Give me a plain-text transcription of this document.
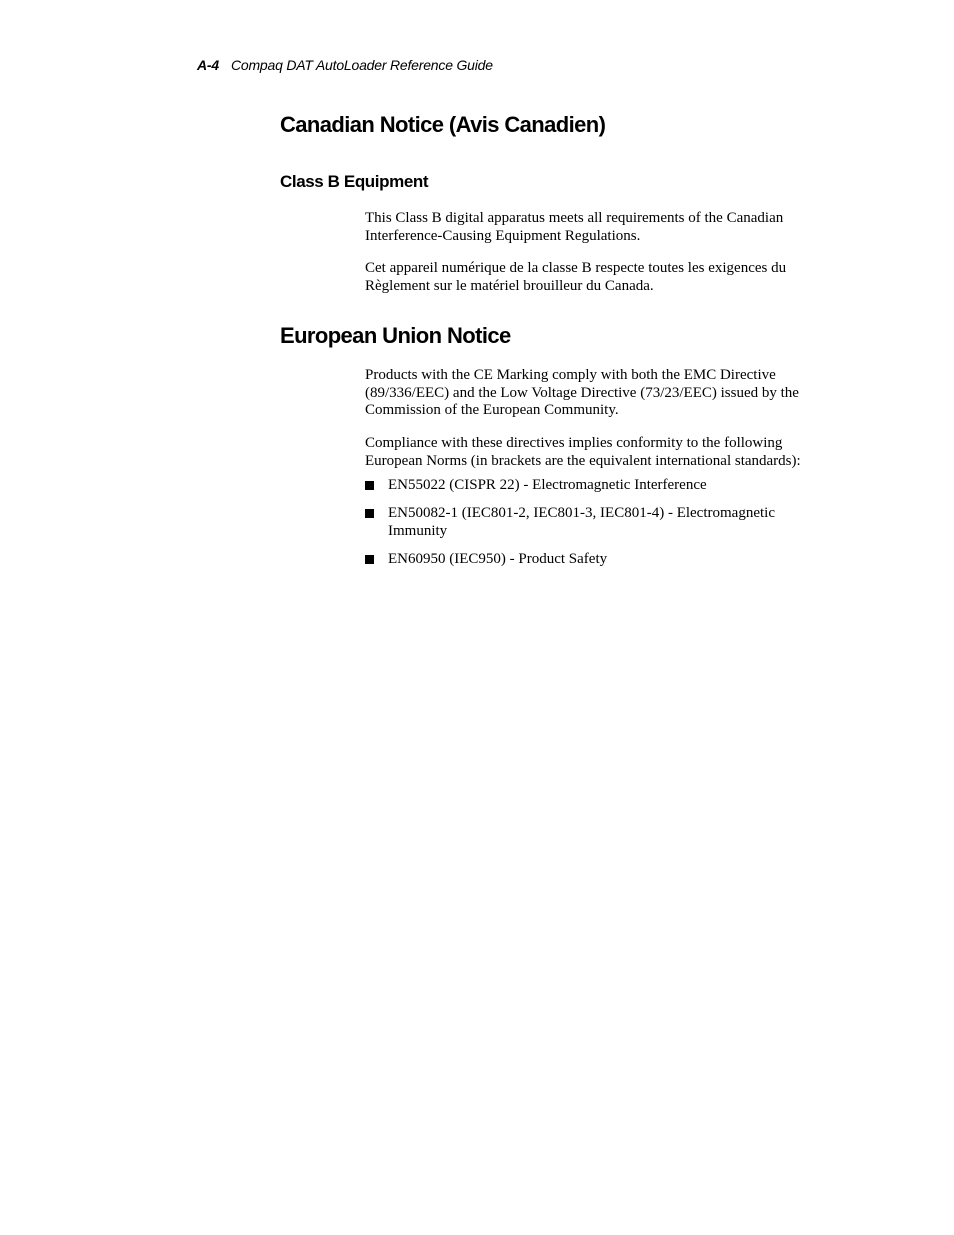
A-4 Compaq DAT AutoLoader Reference Guide
Canadian Notice (Avis Canadien)
Class B Equipment

This Class B digital apparatus meets all requirements of the Canadian Interference-Causing Equipment Regulations.

Cet appareil numérique de la classe B respecte toutes les exigences du Règlement sur le matériel brouilleur du Canada.

European Union Notice

Products with the CE Marking comply with both the EMC Directive (89/336/EEC) and the Low Voltage Directive (73/23/EEC) issued by the Commission of the European Community.

Compliance with these directives implies conformity to the following European Norms (in brackets are the equivalent international standards):

EN55022 (CISPR 22) - Electromagnetic Interference
EN50082-1 (IEC801-2, IEC801-3, IEC801-4) - Electromagnetic Immunity
EN60950 (IEC950) - Product Safety
